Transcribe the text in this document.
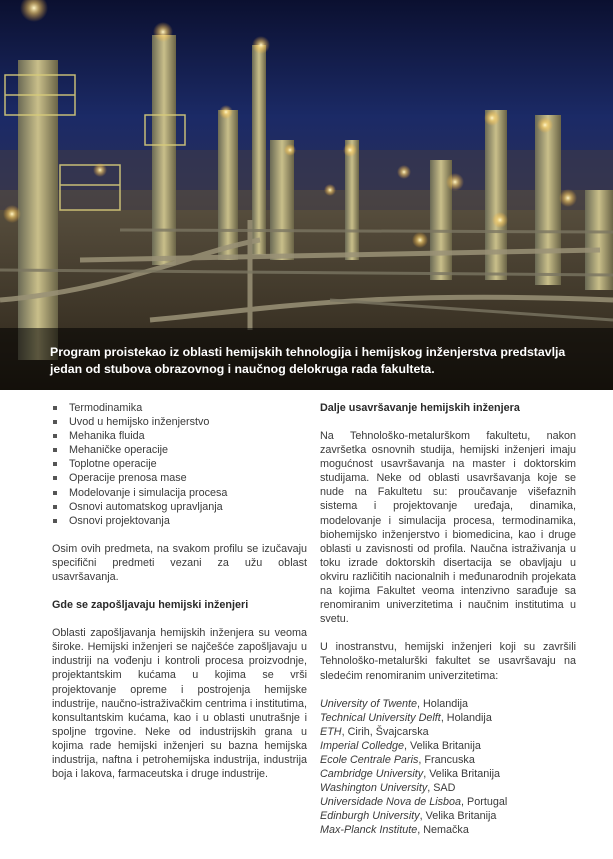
Program proistekao iz oblasti hemijskih tehnologija i hemijskog inženjerstva predstavlja jedan od stubova obrazovnog i naučnog delokruga rada fakulteta.

Termodinamika
Uvod u hemijsko inženjerstvo
Mehanika fluida
Mehaničke operacije
Toplotne operacije
Operacije prenosa mase
Modelovanje i simulacija procesa
Osnovi automatskog upravljanja
Osnovi projektovanja

Osim ovih predmeta, na svakom profilu se izučavaju specifični predmeti vezani za užu oblast usavršavanja.

Gde se zapošljavaju hemijski inženjeri

Oblasti zapošljavanja hemijskih inženjera su veoma široke. Hemijski inženjeri se najčešće zapošljavaju u industriji na vođenju i kontroli procesa proizvodnje, projektantskim kućama u kojima se vrši projektovanje opreme i postrojenja hemijske industrije, naučno-istraživačkim centrima i institutima, konsultantskim kućama, kao i u oblasti unutrašnje i spoljne trgovine. Neke od industrijskih grana u kojima rade hemijski inženjeri su bazna hemijska industrija, naftna i petrohemijska industrija, industrija boja i lakova, farmaceutska i druge industrije.

Dalje usavršavanje hemijskih inženjera

Na Tehnološko-metalurškom fakultetu, nakon završetka osnovnih studija, hemijski inženjeri imaju mogućnost usavršavanja na master i doktorskim studijama. Neke od oblasti usavršavanja koje se nude na Fakultetu su: proučavanje višefaznih sistema i projektovanje uređaja, dinamika, modelovanje i simulacija procesa, termodinamika, biohemijsko inženjerstvo i biomedicina, kao i druge oblasti u zavisnosti od profila. Naučna istraživanja u toku izrade doktorskih disertacija se obavljaju u okviru različitih nacionalnih i međunarodnih projekata na kojima Fakultet veoma intenzivno sarađuje sa renomiranim univerzitetima i naučnim institutima u svetu.

U inostranstvu, hemijski inženjeri koji su završili Tehnološko-metalurški fakultet se usavršavaju na sledećim renomiranim univerzitetima:

University of Twente, Holandija
Technical University Delft, Holandija
ETH, Cirih, Švajcarska
Imperial Colledge, Velika Britanija
Ecole Centrale Paris, Francuska
Cambridge University, Velika Britanija
Washington University, SAD
Universidade Nova de Lisboa, Portugal
Edinburgh University, Velika Britanija
Max-Planck Institute, Nemačka
